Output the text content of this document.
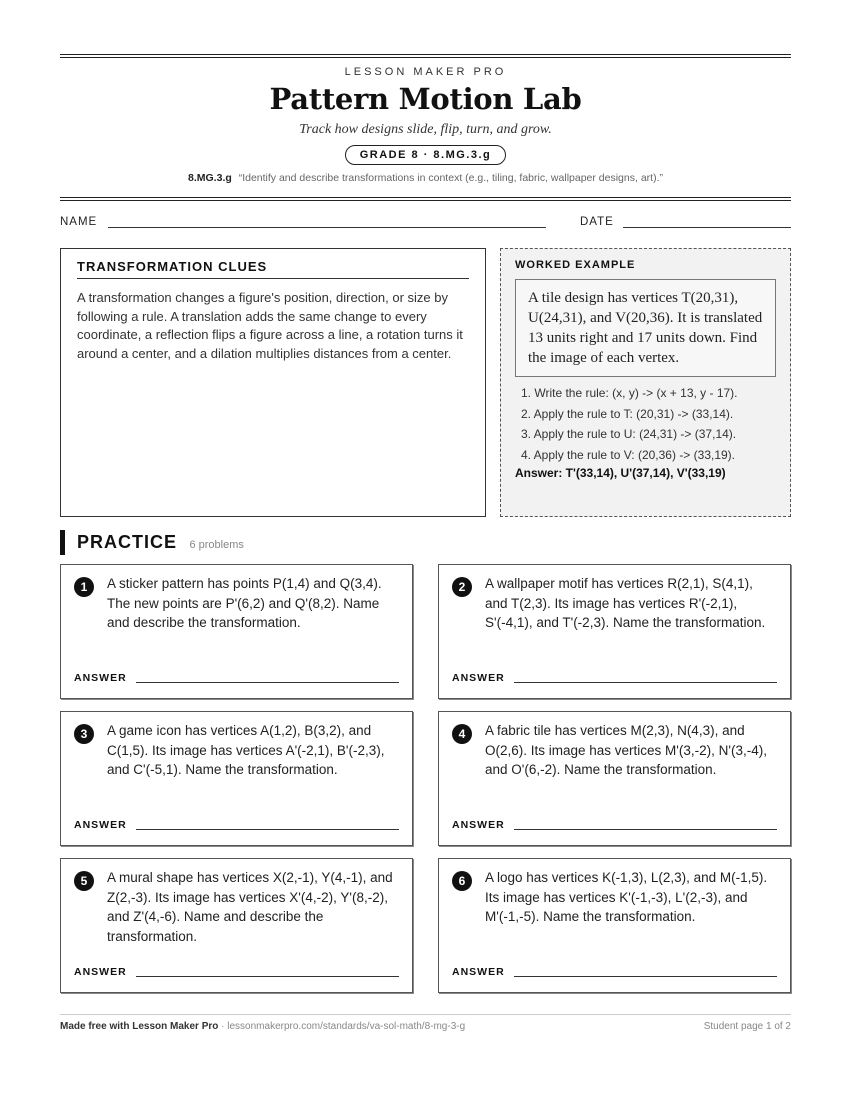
LESSON MAKER PRO
Pattern Motion Lab
Track how designs slide, flip, turn, and grow.
GRADE 8 · 8.MG.3.g
8.MG.3.g “Identify and describe transformations in context (e.g., tiling, fabric, wallpaper designs, art).”
NAME	DATE
TRANSFORMATION CLUES
A transformation changes a figure's position, direction, or size by following a rule. A translation adds the same change to every coordinate, a reflection flips a figure across a line, a rotation turns it around a center, and a dilation multiplies distances from a center.
WORKED EXAMPLE
A tile design has vertices T(20,31), U(24,31), and V(20,36). It is translated 13 units right and 17 units down. Find the image of each vertex.
1. Write the rule: (x, y) -> (x + 13, y - 17).
2. Apply the rule to T: (20,31) -> (33,14).
3. Apply the rule to U: (24,31) -> (37,14).
4. Apply the rule to V: (20,36) -> (33,19).
Answer: T'(33,14), U'(37,14), V'(33,19)
PRACTICE 6 problems
1	A sticker pattern has points P(1,4) and Q(3,4). The new points are P'(6,2) and Q'(8,2). Name and describe the transformation.
ANSWER
2	A wallpaper motif has vertices R(2,1), S(4,1), and T(2,3). Its image has vertices R'(-2,1), S'(-4,1), and T'(-2,3). Name the transformation.
ANSWER
3	A game icon has vertices A(1,2), B(3,2), and C(1,5). Its image has vertices A'(-2,1), B'(-2,3), and C'(-5,1). Name the transformation.
ANSWER
4	A fabric tile has vertices M(2,3), N(4,3), and O(2,6). Its image has vertices M'(3,-2), N'(3,-4), and O'(6,-2). Name the transformation.
ANSWER
5	A mural shape has vertices X(2,-1), Y(4,-1), and Z(2,-3). Its image has vertices X'(4,-2), Y'(8,-2), and Z'(4,-6). Name and describe the transformation.
ANSWER
6	A logo has vertices K(-1,3), L(2,3), and M(-1,5). Its image has vertices K'(-1,-3), L'(2,-3), and M'(-1,-5). Name the transformation.
ANSWER
Made free with Lesson Maker Pro · lessonmakerpro.com/standards/va-sol-math/8-mg-3-g	Student page 1 of 2
